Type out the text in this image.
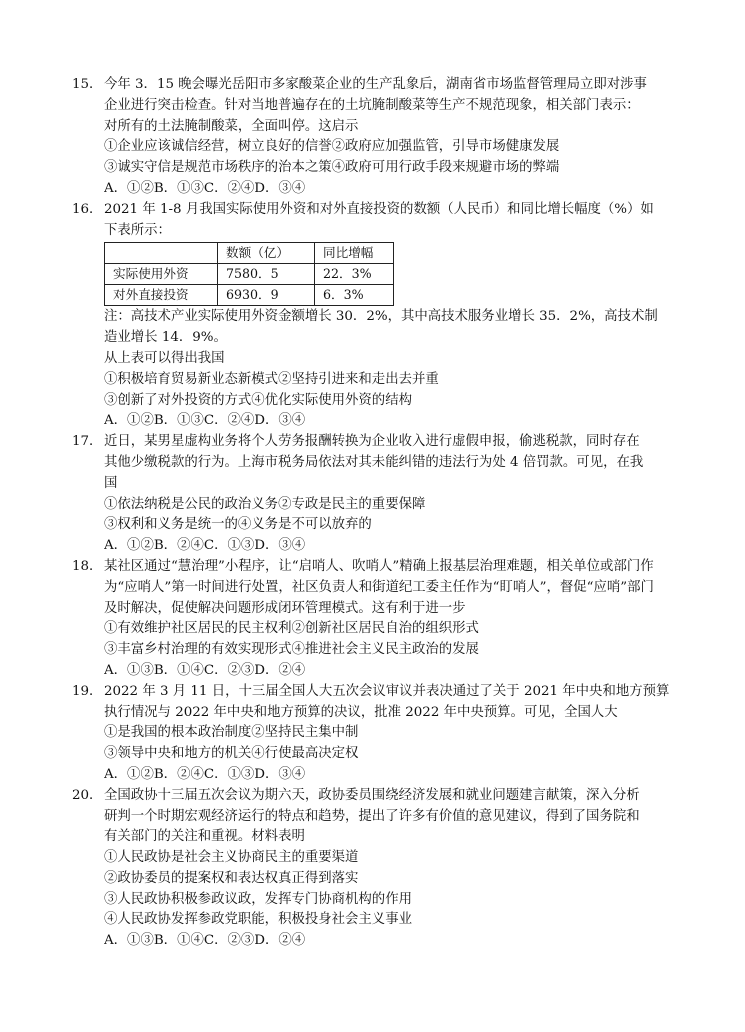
15． 今年 3．15 晚会曝光岳阳市多家酸菜企业的生产乱象后，湖南省市场监督管理局立即对涉事
企业进行突击检查。针对当地普遍存在的土坑腌制酸菜等生产不规范现象，相关部门表示：
对所有的土法腌制酸菜，全面叫停。这启示
①企业应该诚信经营，树立良好的信誉②政府应加强监管，引导市场健康发展
③诚实守信是规范市场秩序的治本之策④政府可用行政手段来规避市场的弊端
A．①②B．①③C．②④D．③④
16． 2021 年 1-8 月我国实际使用外资和对外直接投资的数额（人民币）和同比增长幅度（%）如
下表所示：
	数额（亿）	同比增幅
实际使用外资	7580．5	22．3%
对外直接投资	6930．9	6．3%
注：高技术产业实际使用外资金额增长 30．2%，其中高技术服务业增长 35．2%，高技术制
造业增长 14．9%。
从上表可以得出我国
①积极培育贸易新业态新模式②坚持引进来和走出去并重
③创新了对外投资的方式④优化实际使用外资的结构
A．①②B．①③C．②④D．③④
17． 近日，某男星虚构业务将个人劳务报酬转换为企业收入进行虚假申报，偷逃税款，同时存在
其他少缴税款的行为。上海市税务局依法对其未能纠错的违法行为处 4 倍罚款。可见，在我
国
①依法纳税是公民的政治义务②专政是民主的重要保障
③权利和义务是统一的④义务是不可以放弃的
A．①②B．②④C．①③D．③④
18． 某社区通过“慧治理”小程序，让“启哨人、吹哨人”精确上报基层治理难题，相关单位或部门作
为“应哨人”第一时间进行处置，社区负责人和街道纪工委主任作为“盯哨人”，督促“应哨”部门
及时解决，促使解决问题形成闭环管理模式。这有利于进一步
①有效维护社区居民的民主权利②创新社区居民自治的组织形式
③丰富乡村治理的有效实现形式④推进社会主义民主政治的发展
A．①③B．①④C．②③D．②④
19． 2022 年 3 月 11 日，十三届全国人大五次会议审议并表决通过了关于 2021 年中央和地方预算
执行情况与 2022 年中央和地方预算的决议，批准 2022 年中央预算。可见，全国人大
①是我国的根本政治制度②坚持民主集中制
③领导中央和地方的机关④行使最高决定权
A．①②B．②④C．①③D．③④
20． 全国政协十三届五次会议为期六天，政协委员围绕经济发展和就业问题建言献策，深入分析
研判一个时期宏观经济运行的特点和趋势，提出了许多有价值的意见建议，得到了国务院和
有关部门的关注和重视。材料表明
①人民政协是社会主义协商民主的重要渠道
②政协委员的提案权和表达权真正得到落实
③人民政协积极参政议政，发挥专门协商机构的作用
④人民政协发挥参政党职能，积极投身社会主义事业
A．①③B．①④C．②③D．②④
